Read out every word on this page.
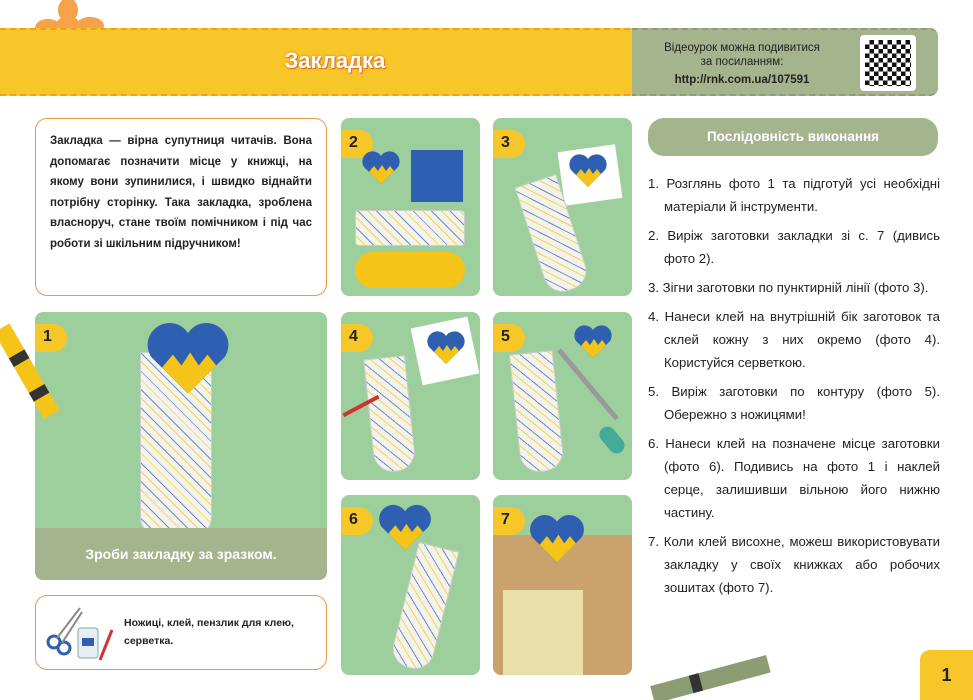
Закладка	Відеоурок можна подивитися
за посиланням:
http://rnk.com.ua/107591
Закладка — вірна супутниця читачів. Вона допомагає позначити місце у книжці, на якому вони зупинилися, і швидко віднайти потрібну сторінку. Така закладка, зроблена власноруч, стане твоїм помічником і під час роботи зі шкільним підручником!
1
Зроби закладку за зразком.
Ножиці, клей, пензлик для клею, серветка.
2	3
4	5
6	7
Послідовність виконання
1. Розглянь фото 1 та підготуй усі необхідні матеріали й інструменти.
2. Виріж заготовки закладки зі с. 7 (дивись фото 2).
3. Зігни заготовки по пунктирній лінії (фото 3).
4. Нанеси клей на внутрішній бік заготовок та склей кожну з них окремо (фото 4). Користуйся серветкою.
5. Виріж заготовки по контуру (фото 5). Обережно з ножицями!
6. Нанеси клей на позначене місце заготовки (фото 6). Подивись на фото 1 і наклей серце, залишивши вільною його нижню частину.
7. Коли клей висохне, можеш використовувати закладку у своїх книжках або робочих зошитах (фото 7).
1
